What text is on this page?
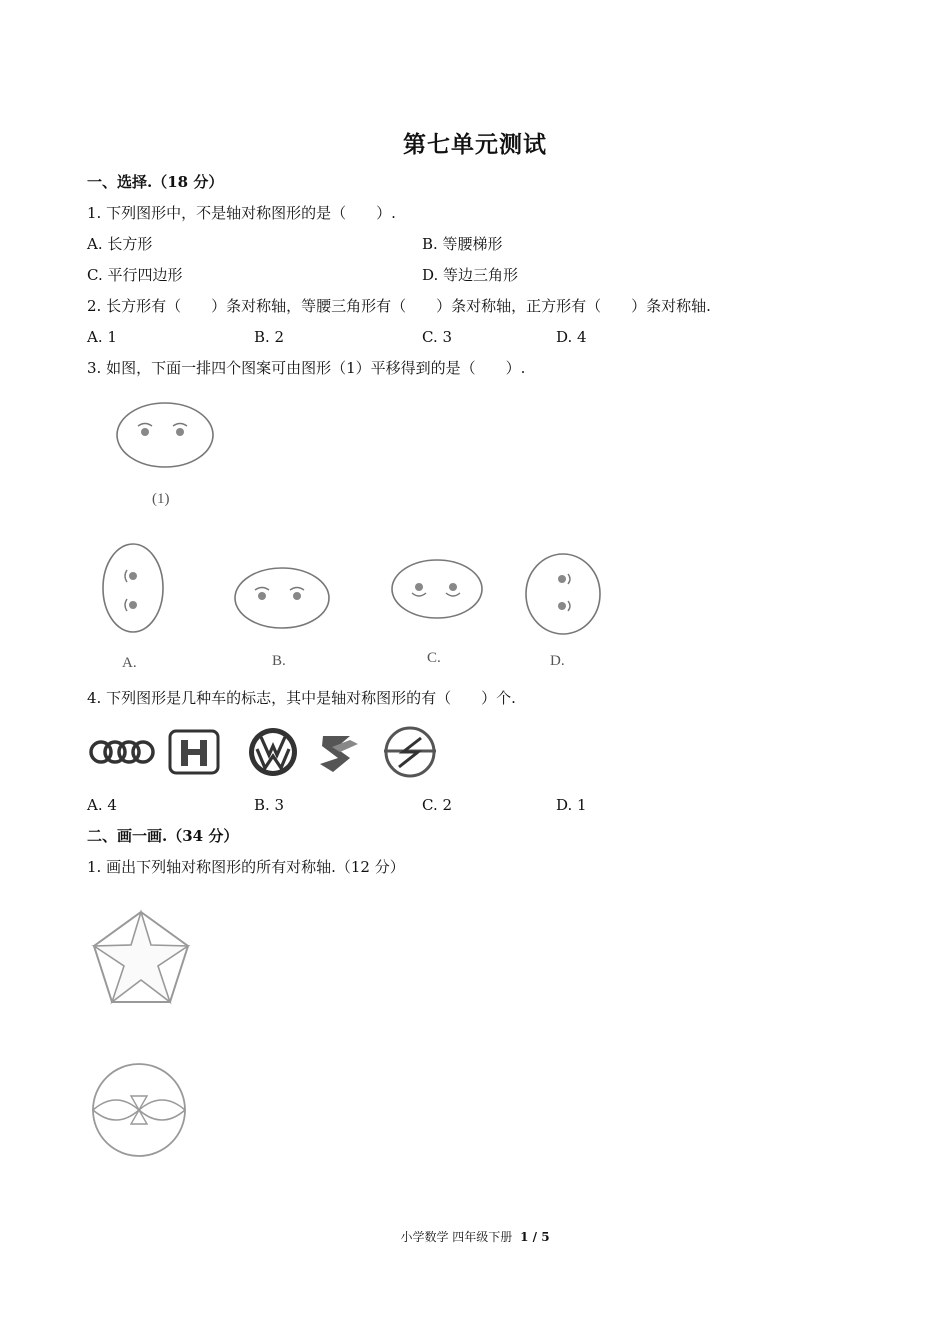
第七单元测试
一、选择.（18 分）
1. 下列图形中，不是轴对称图形的是（　　）.
A. 长方形	B. 等腰梯形
C. 平行四边形	D. 等边三角形
2. 长方形有（　　）条对称轴，等腰三角形有（　　）条对称轴，正方形有（　　）条对称轴.
A. 1	B. 2	C. 3	D. 4
3. 如图，下面一排四个图案可由图形（1）平移得到的是（　　）.
(1)
A.	B.	C.	D.
4. 下列图形是几种车的标志，其中是轴对称图形的有（　　）个.
A. 4	B. 3	C. 2	D. 1
二、画一画.（34 分）
1. 画出下列轴对称图形的所有对称轴.（12 分）
小学数学 四年级下册 1 / 5
